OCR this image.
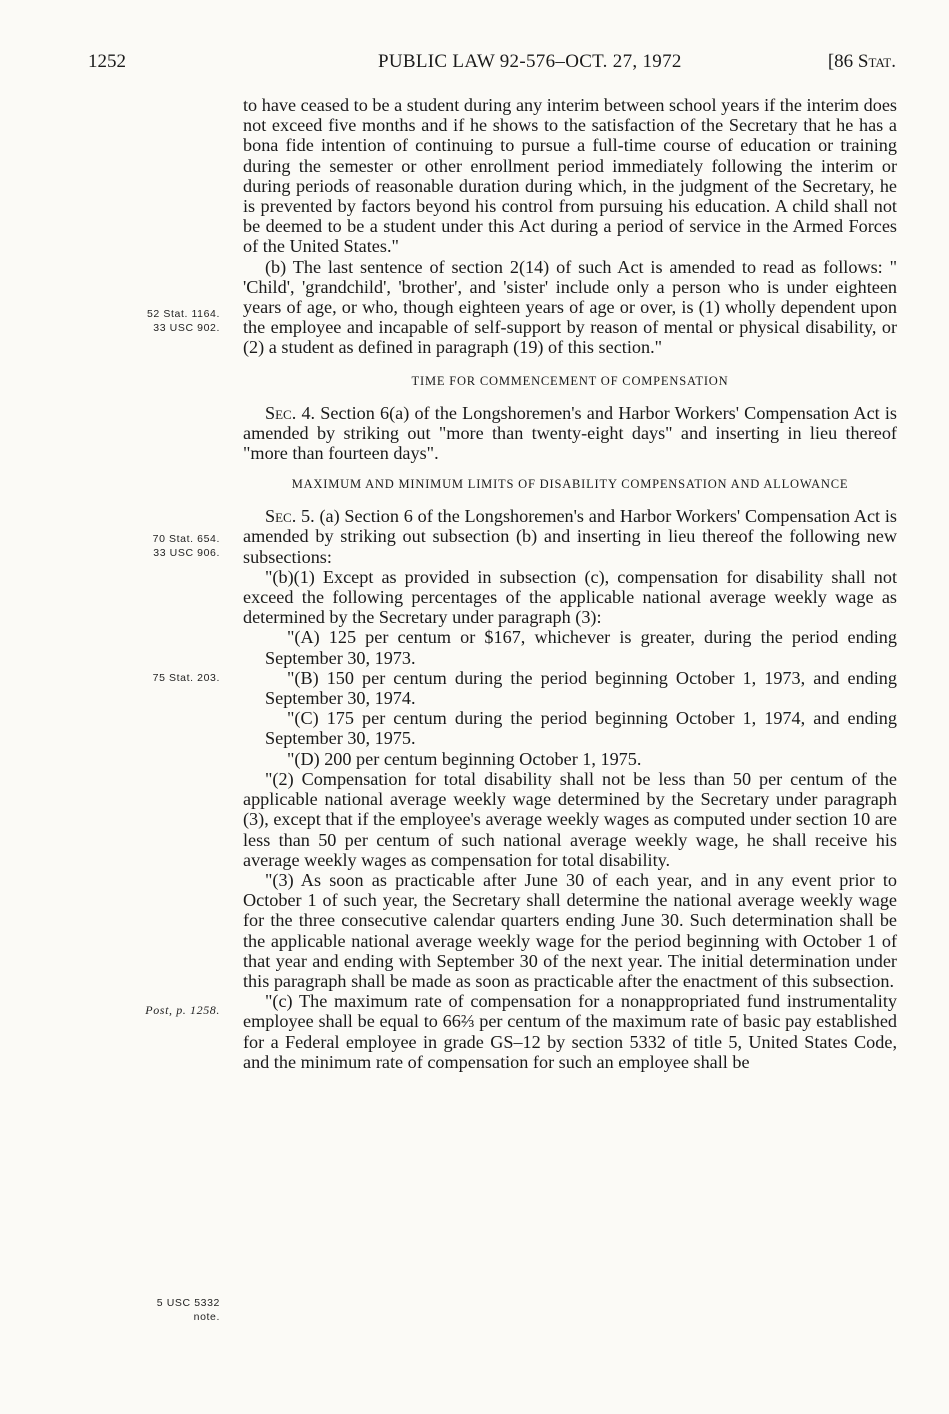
1252	PUBLIC LAW 92-576–OCT. 27, 1972	[86 Stat.
52 Stat. 1164.
33 USC 902.
70 Stat. 654.
33 USC 906.
75 Stat. 203.
Post, p. 1258.
5 USC 5332
note.

to have ceased to be a student during any interim between school years if the interim does not exceed five months and if he shows to the satisfaction of the Secretary that he has a bona fide intention of continuing to pursue a full-time course of education or training during the semester or other enrollment period immediately following the interim or during periods of reasonable duration during which, in the judgment of the Secretary, he is prevented by factors beyond his control from pursuing his education. A child shall not be deemed to be a student under this Act during a period of service in the Armed Forces of the United States."

(b) The last sentence of section 2(14) of such Act is amended to read as follows: " 'Child', 'grandchild', 'brother', and 'sister' include only a person who is under eighteen years of age, or who, though eighteen years of age or over, is (1) wholly dependent upon the employee and incapable of self-support by reason of mental or physical disability, or (2) a student as defined in paragraph (19) of this section."

TIME FOR COMMENCEMENT OF COMPENSATION

Sec. 4. Section 6(a) of the Longshoremen's and Harbor Workers' Compensation Act is amended by striking out "more than twenty-eight days" and inserting in lieu thereof "more than fourteen days".

MAXIMUM AND MINIMUM LIMITS OF DISABILITY COMPENSATION AND ALLOWANCE

Sec. 5. (a) Section 6 of the Longshoremen's and Harbor Workers' Compensation Act is amended by striking out subsection (b) and inserting in lieu thereof the following new subsections:

"(b)(1) Except as provided in subsection (c), compensation for disability shall not exceed the following percentages of the applicable national average weekly wage as determined by the Secretary under paragraph (3):

"(A) 125 per centum or $167, whichever is greater, during the period ending September 30, 1973.

"(B) 150 per centum during the period beginning October 1, 1973, and ending September 30, 1974.

"(C) 175 per centum during the period beginning October 1, 1974, and ending September 30, 1975.

"(D) 200 per centum beginning October 1, 1975.

"(2) Compensation for total disability shall not be less than 50 per centum of the applicable national average weekly wage determined by the Secretary under paragraph (3), except that if the employee's average weekly wages as computed under section 10 are less than 50 per centum of such national average weekly wage, he shall receive his average weekly wages as compensation for total disability.

"(3) As soon as practicable after June 30 of each year, and in any event prior to October 1 of such year, the Secretary shall determine the national average weekly wage for the three consecutive calendar quarters ending June 30. Such determination shall be the applicable national average weekly wage for the period beginning with October 1 of that year and ending with September 30 of the next year. The initial determination under this paragraph shall be made as soon as practicable after the enactment of this subsection.

"(c) The maximum rate of compensation for a nonappropriated fund instrumentality employee shall be equal to 66⅔ per centum of the maximum rate of basic pay established for a Federal employee in grade GS–12 by section 5332 of title 5, United States Code, and the minimum rate of compensation for such an employee shall be
